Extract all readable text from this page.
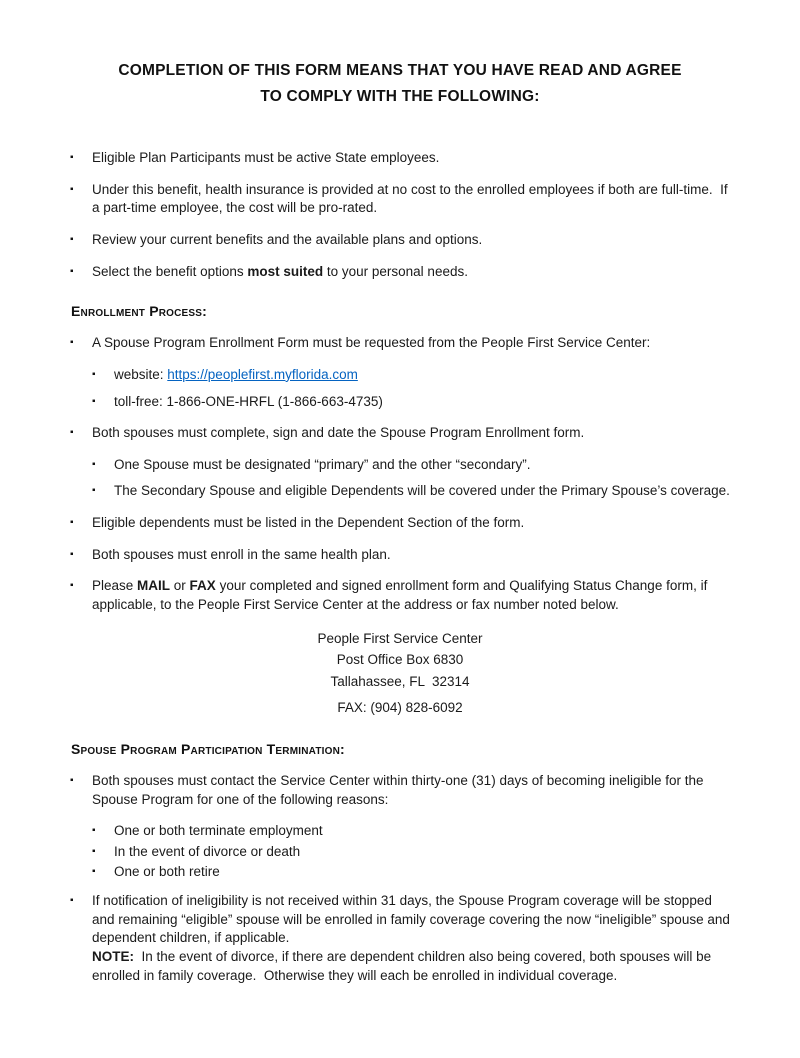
COMPLETION OF THIS FORM MEANS THAT YOU HAVE READ AND AGREE
TO COMPLY WITH THE FOLLOWING:
▪	Eligible Plan Participants must be active State employees.
▪	Under this benefit, health insurance is provided at no cost to the enrolled employees if both are full-time.  If a part-time employee, the cost will be pro-rated.
▪	Review your current benefits and the available plans and options.
▪	Select the benefit options most suited to your personal needs.
Enrollment Process:
▪	A Spouse Program Enrollment Form must be requested from the People First Service Center:
▪	website: https://peoplefirst.myflorida.com
▪	toll-free: 1-866-ONE-HRFL (1-866-663-4735)
▪	Both spouses must complete, sign and date the Spouse Program Enrollment form.
▪	One Spouse must be designated “primary” and the other “secondary”.
▪	The Secondary Spouse and eligible Dependents will be covered under the Primary Spouse’s coverage.
▪	Eligible dependents must be listed in the Dependent Section of the form.
▪	Both spouses must enroll in the same health plan.
▪	Please MAIL or FAX your completed and signed enrollment form and Qualifying Status Change form, if applicable, to the People First Service Center at the address or fax number noted below.
People First Service Center
Post Office Box 6830
Tallahassee, FL  32314
FAX: (904) 828-6092
Spouse Program Participation Termination:
▪	Both spouses must contact the Service Center within thirty-one (31) days of becoming ineligible for the Spouse Program for one of the following reasons:
▪	One or both terminate employment
▪	In the event of divorce or death
▪	One or both retire
▪	If notification of ineligibility is not received within 31 days, the Spouse Program coverage will be stopped and remaining “eligible” spouse will be enrolled in family coverage covering the now “ineligible” spouse and dependent children, if applicable.
NOTE:  In the event of divorce, if there are dependent children also being covered, both spouses will be enrolled in family coverage.  Otherwise they will each be enrolled in individual coverage.
